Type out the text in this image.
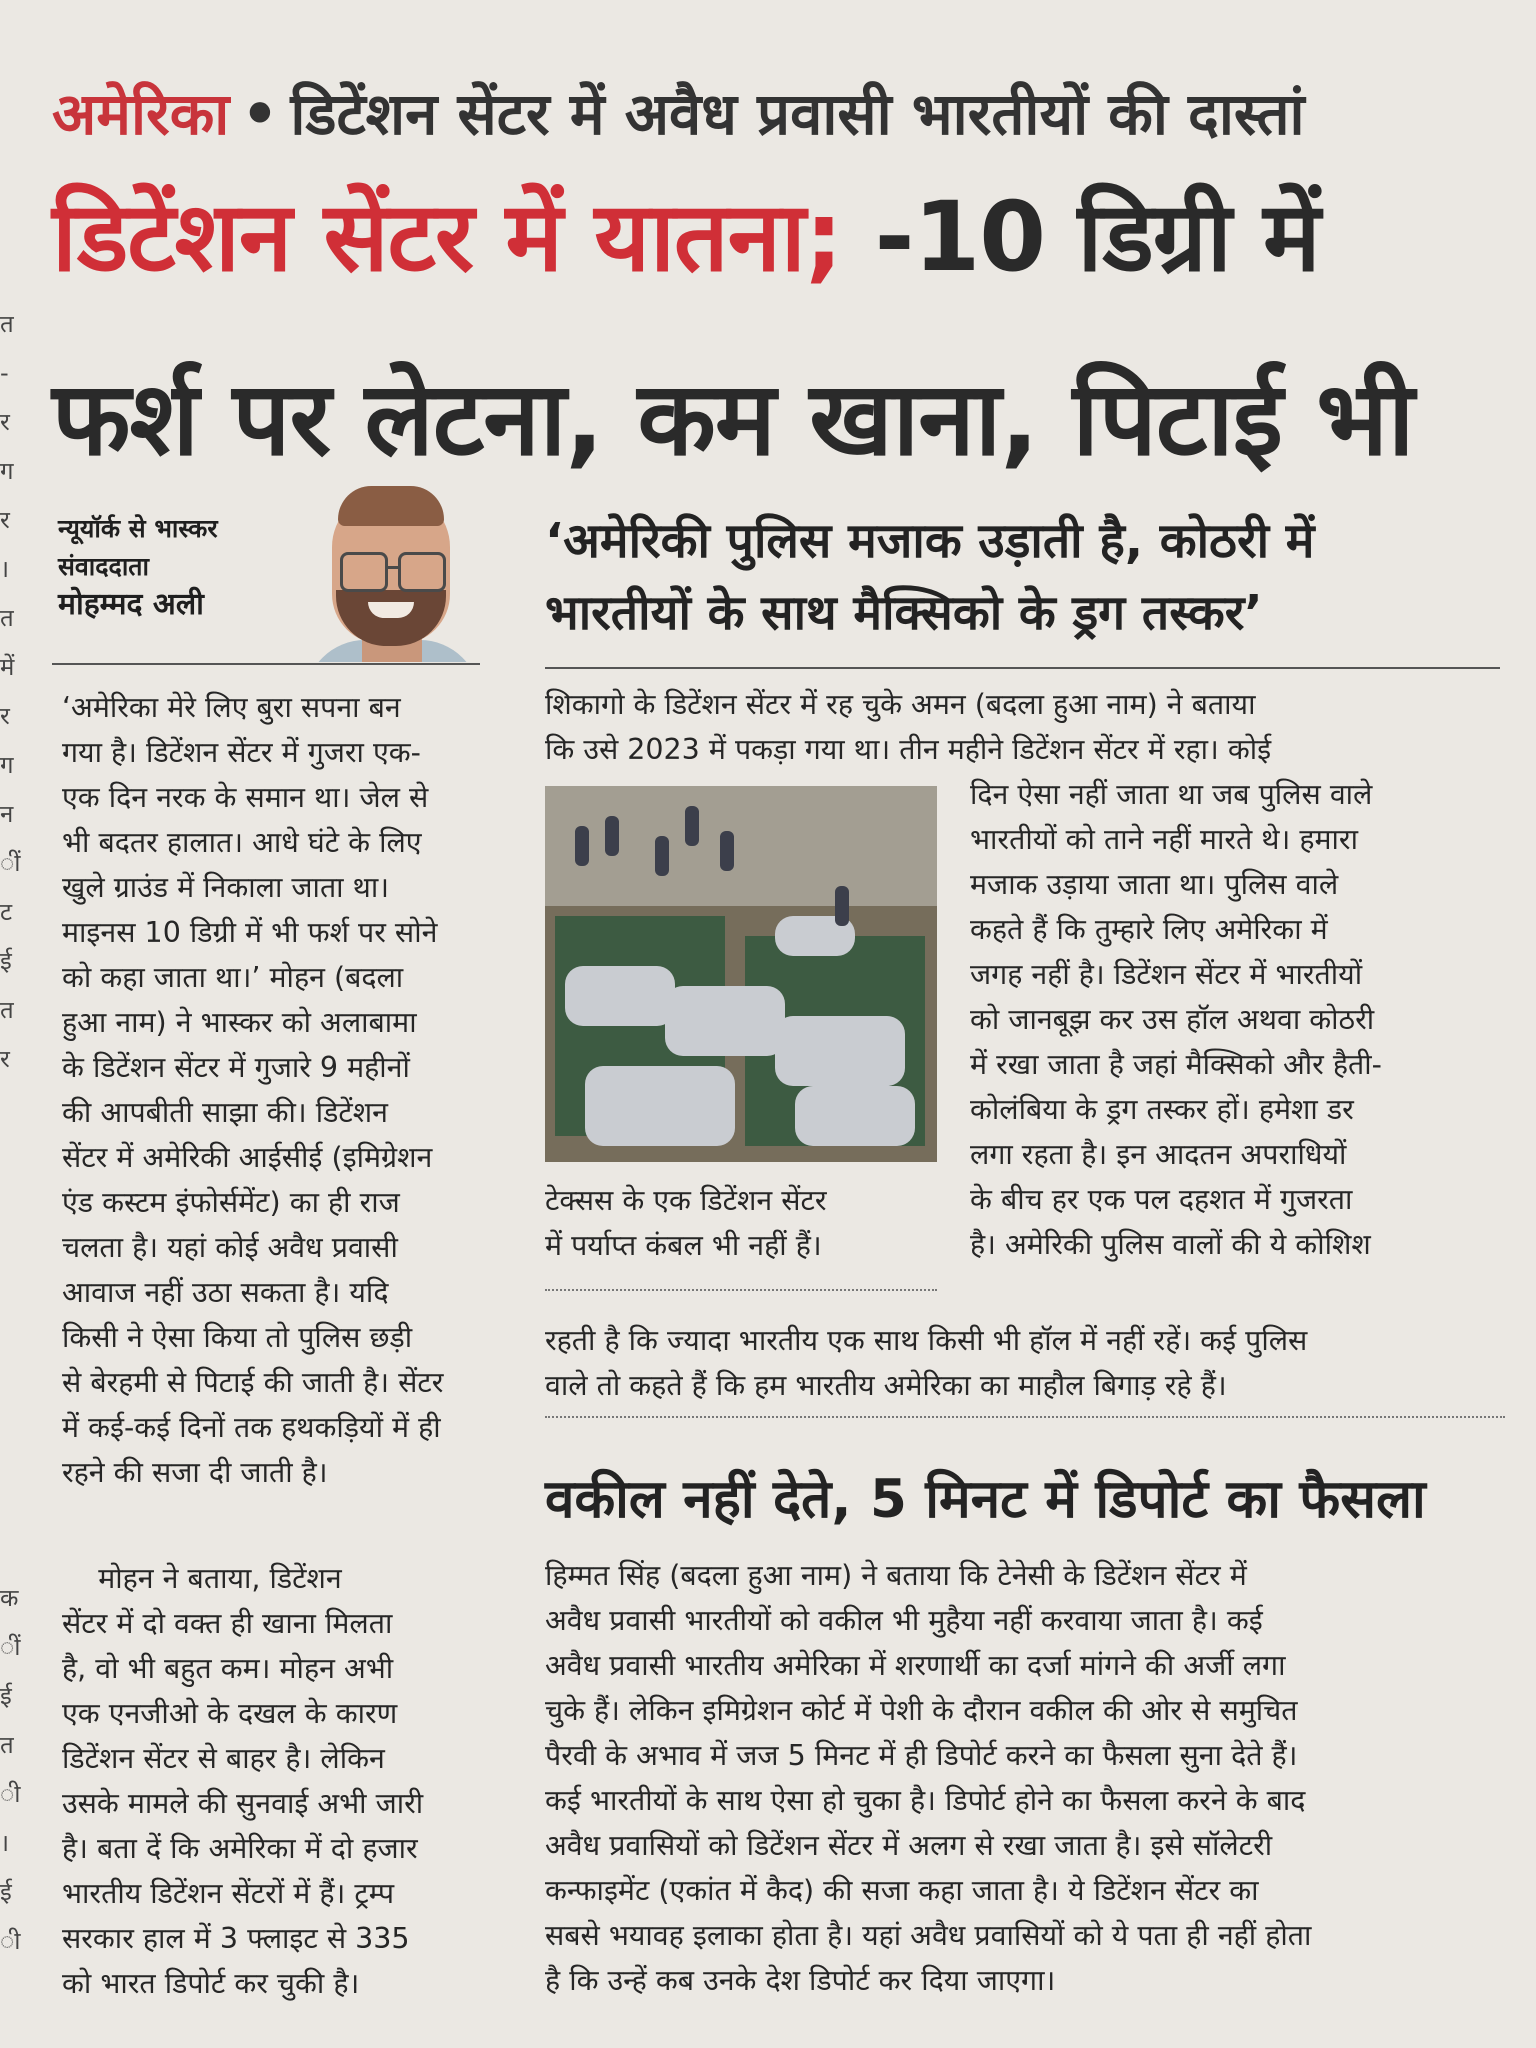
त
-
र
ग
र
।
त
में
र
ग
न
ीं
ट
ई
त
र
क
ीं
ई
त
ी
।
ई
ी
अमेरिका • डिटेंशन सेंटर में अवैध प्रवासी भारतीयों की दास्तां
डिटेंशन सेंटर में यातना; -10 डिग्री में
फर्श पर लेटना, कम खाना, पिटाई भी
न्यूयॉर्क से भास्कर
संवाददाता
मोहम्मद अली
‘अमेरिकी पुलिस मजाक उड़ाती है, कोठरी में
भारतीयों के साथ मैक्सिको के ड्रग तस्कर’
‘अमेरिका मेरे लिए बुरा सपना बन
गया है। डिटेंशन सेंटर में गुजरा एक-
एक दिन नरक के समान था। जेल से
भी बदतर हालात। आधे घंटे के लिए
खुले ग्राउंड में निकाला जाता था।
माइनस 10 डिग्री में भी फर्श पर सोने
को कहा जाता था।’ मोहन (बदला
हुआ नाम) ने भास्कर को अलाबामा
के डिटेंशन सेंटर में गुजारे 9 महीनों
की आपबीती साझा की। डिटेंशन
सेंटर में अमेरिकी आईसीई (इमिग्रेशन
एंड कस्टम इंफोर्समेंट) का ही राज
चलता है। यहां कोई अवैध प्रवासी
आवाज नहीं उठा सकता है। यदि
किसी ने ऐसा किया तो पुलिस छड़ी
से बेरहमी से पिटाई की जाती है। सेंटर
में कई-कई दिनों तक हथकड़ियों में ही
रहने की सजा दी जाती है।
मोहन ने बताया, डिटेंशन
सेंटर में दो वक्त ही खाना मिलता
है, वो भी बहुत कम। मोहन अभी
एक एनजीओ के दखल के कारण
डिटेंशन सेंटर से बाहर है। लेकिन
उसके मामले की सुनवाई अभी जारी
है। बता दें कि अमेरिका में दो हजार
भारतीय डिटेंशन सेंटरों में हैं। ट्रम्प
सरकार हाल में 3 फ्लाइट से 335
को भारत डिपोर्ट कर चुकी है।
शिकागो के डिटेंशन सेंटर में रह चुके अमन (बदला हुआ नाम) ने बताया
कि उसे 2023 में पकड़ा गया था। तीन महीने डिटेंशन सेंटर में रहा। कोई
दिन ऐसा नहीं जाता था जब पुलिस वाले
भारतीयों को ताने नहीं मारते थे। हमारा
मजाक उड़ाया जाता था। पुलिस वाले
कहते हैं कि तुम्हारे लिए अमेरिका में
जगह नहीं है। डिटेंशन सेंटर में भारतीयों
को जानबूझ कर उस हॉल अथवा कोठरी
में रखा जाता है जहां मैक्सिको और हैती-
कोलंबिया के ड्रग तस्कर हों। हमेशा डर
लगा रहता है। इन आदतन अपराधियों
के बीच हर एक पल दहशत में गुजरता
है। अमेरिकी पुलिस वालों की ये कोशिश
टेक्सस के एक डिटेंशन सेंटर
में पर्याप्त कंबल भी नहीं हैं।
रहती है कि ज्यादा भारतीय एक साथ किसी भी हॉल में नहीं रहें। कई पुलिस
वाले तो कहते हैं कि हम भारतीय अमेरिका का माहौल बिगाड़ रहे हैं।
वकील नहीं देते, 5 मिनट में डिपोर्ट का फैसला
हिम्मत सिंह (बदला हुआ नाम) ने बताया कि टेनेसी के डिटेंशन सेंटर में
अवैध प्रवासी भारतीयों को वकील भी मुहैया नहीं करवाया जाता है। कई
अवैध प्रवासी भारतीय अमेरिका में शरणार्थी का दर्जा मांगने की अर्जी लगा
चुके हैं। लेकिन इमिग्रेशन कोर्ट में पेशी के दौरान वकील की ओर से समुचित
पैरवी के अभाव में जज 5 मिनट में ही डिपोर्ट करने का फैसला सुना देते हैं।
कई भारतीयों के साथ ऐसा हो चुका है। डिपोर्ट होने का फैसला करने के बाद
अवैध प्रवासियों को डिटेंशन सेंटर में अलग से रखा जाता है। इसे सॉलेटरी
कन्फाइमेंट (एकांत में कैद) की सजा कहा जाता है। ये डिटेंशन सेंटर का
सबसे भयावह इलाका होता है। यहां अवैध प्रवासियों को ये पता ही नहीं होता
है कि उन्हें कब उनके देश डिपोर्ट कर दिया जाएगा।
